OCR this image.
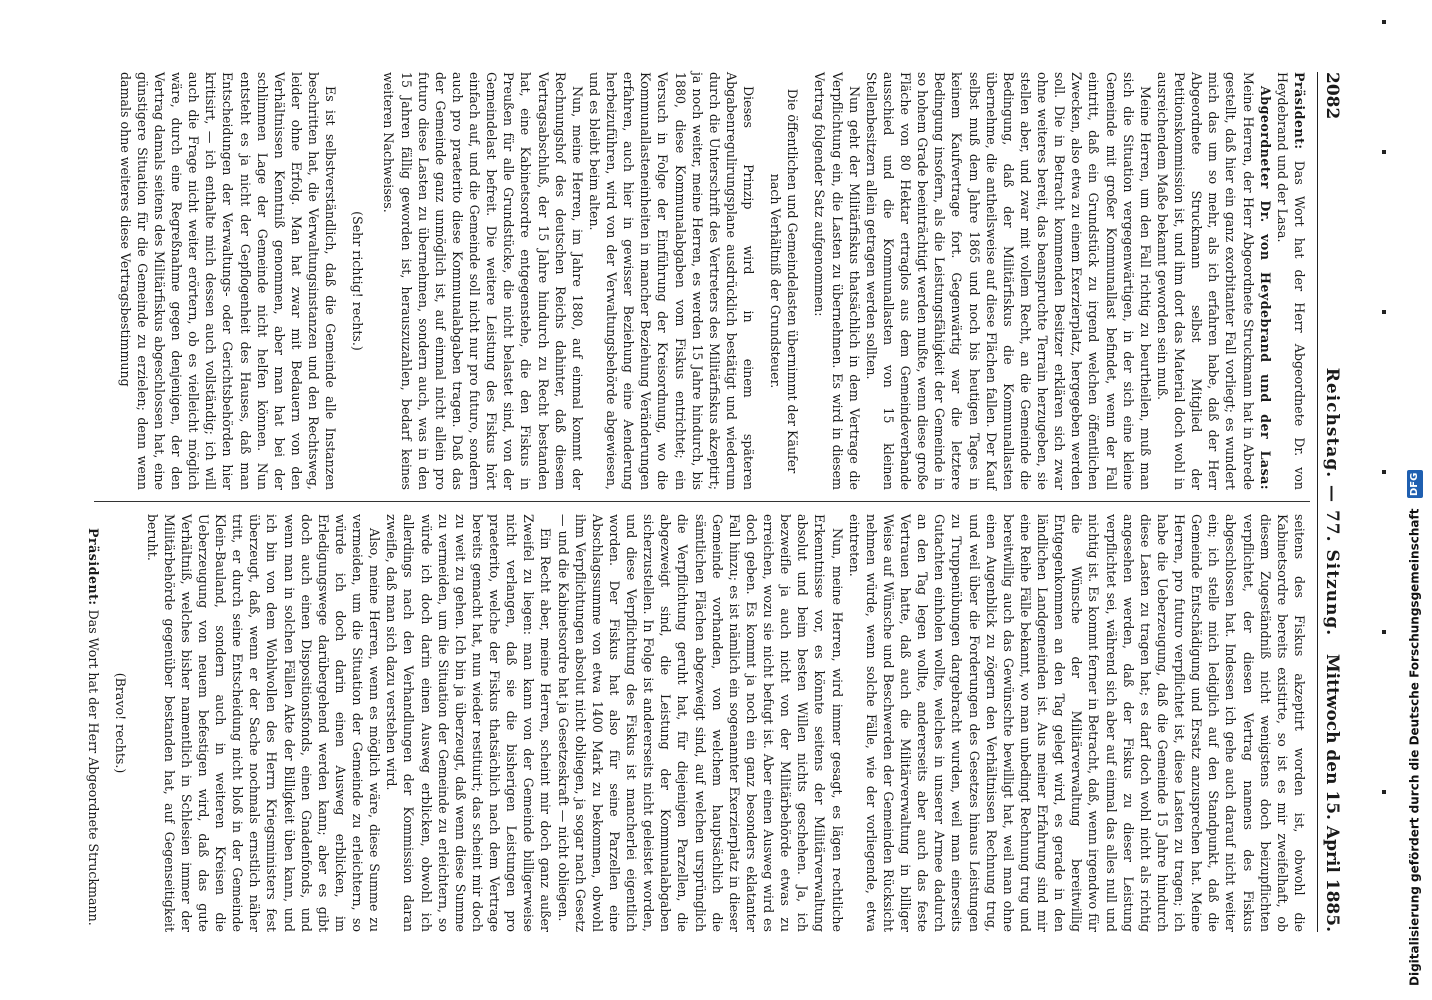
2082
Reichstag. — 77. Sitzung.
Mittwoch den 15. April 1885.

Präsident: Das Wort hat der Herr Abgeordnete Dr. von Heydebrand und der Lasa.

Abgeordneter Dr. von Heydebrand und der Lasa: Meine Herren, der Herr Abgeordnete Struckmann hat in Abrede gestellt, daß hier ein ganz exorbitanter Fall vorliegt; es wundert mich das um so mehr, als ich erfahren habe, daß der Herr Abgeordnete Struckmann selbst Mitglied der Petitionskommission ist, und ihm dort das Material doch wohl in ausreichendem Maße bekannt geworden sein muß.

Meine Herren, um den Fall richtig zu beurtheilen, muß man sich die Situation vergegenwärtigen, in der sich eine kleine Gemeinde mit großer Kommunallast befindet, wenn der Fall eintritt, daß ein Grundstück zu irgend welchen öffentlichen Zwecken, also etwa zu einem Exerzierplatz, hergegeben werden soll. Die in Betracht kommenden Besitzer erklären sich zwar ohne weiteres bereit, das beanspruchte Terrain herzugeben, sie stellen aber, und zwar mit vollem Recht, an die Gemeinde die Bedingung, daß der Militärfiskus die Kommunallasten übernehme, die antheilsweise auf diese Flächen fallen. Der Kauf selbst muß dem Jahre 1865 und noch bis heutigen Tages in keinem Kaufvertrage fort. Gegenwärtig war die letztere Bedingung insofern, als die Leistungsfähigkeit der Gemeinde in so hohem Grade beeinträchtigt werden mußte, wenn diese große Fläche von 80 Hektar ertraglos aus dem Gemeindeverbande ausschied und die Kommunallasten von 15 kleinen Stellenbesitzern allein getragen werden sollten.

Nun geht der Militärfiskus thatsächlich in dem Vertrage die Verpflichtung ein, die Lasten zu übernehmen. Es wird in diesem Vertrag folgender Satz aufgenommen:

Die öffentlichen und Gemeindelasten übernimmt der Käufer nach Verhältniß der Grundsteuer.

Dieses Prinzip wird in einem späteren Abgabenregulirungsplane ausdrücklich bestätigt und wiederum durch die Unterschrift des Vertreters des Militärfiskus akzeptirt; ja noch weiter, meine Herren, es werden 15 Jahre hindurch, bis 1880, diese Kommunalabgaben vom Fiskus entrichtet; ein Versuch in Folge der Einführung der Kreisordnung, wo die Kommunallasteneinheiten in mancher Beziehung Veränderungen erfahren, auch hier in gewisser Beziehung eine Aenderung herbeizuführen, wird von der Verwaltungsbehörde abgewiesen, und es bleibt beim alten.

Nun, meine Herren, im Jahre 1880, auf einmal kommt der Rechnungshof des deutschen Reichs dahinter, daß diesem Vertragsabschluß, der 15 Jahre hindurch zu Recht bestanden hat, eine Kabinetsordre entgegenstehe, die den Fiskus in Preußen für alle Grundstücke, die nicht belastet sind, von der Gemeindelast befreit. Die weitere Leistung des Fiskus hört einfach auf, und die Gemeinde soll nicht nur pro futuro, sondern auch pro praeterito diese Kommunalabgaben tragen. Daß das der Gemeinde ganz unmöglich ist, auf einmal nicht allein pro futuro diese Lasten zu übernehmen, sondern auch, was in den 15 Jahren fällig geworden ist, herauszuzahlen, bedarf keines weiteren Nachweises.

(Sehr richtig! rechts.)

Es ist selbstverständlich, daß die Gemeinde alle Instanzen beschritten hat, die Verwaltungsinstanzen und den Rechtsweg, leider ohne Erfolg. Man hat zwar mit Bedauern von den Verhältnissen Kenntniß genommen, aber man hat bei der schlimmen Lage der Gemeinde nicht helfen können. Nun entsteht es ja nicht der Gepflogenheit des Hauses, daß man Entscheidungen der Verwaltungs- oder Gerichtsbehörden hier kritisirt, — ich enthalte mich dessen auch vollständig; ich will auch die Frage nicht weiter erörtern, ob es vielleicht möglich wäre, durch eine Regreßnahme gegen denjenigen, der den Vertrag damals seitens des Militärfiskus abgeschlossen hat, eine günstigere Situation für die Gemeinde zu erzielen; denn wenn damals ohne weiteres diese Vertragsbestimmung

seitens des Fiskus akzeptirt worden ist, obwohl die Kabinetsordre bereits existirte, so ist es mir zweifelhaft, ob diesem Zugeständniß nicht wenigstens doch beizupflichten verpflichtet, der diesen Vertrag namens des Fiskus abgeschlossen hat. Indessen ich gehe auch darauf nicht weiter ein; ich stelle mich lediglich auf den Standpunkt, daß die Gemeinde Entschädigung und Ersatz anzusprechen hat. Meine Herren, pro futuro verpflichtet ist, diese Lasten zu tragen; ich habe die Ueberzeugung, daß die Gemeinde 15 Jahre hindurch diese Lasten zu tragen hat; es darf doch wohl nicht als richtig angesehen werden, daß der Fiskus zu dieser Leistung verpflichtet sei, während sich aber auf einmal das alles null und nichtig ist. Es kommt ferner in Betracht, daß, wenn irgendwo für die Wünsche der Militärverwaltung bereitwillig Entgegenkommen an den Tag gelegt wird, es gerade in den ländlichen Landgemeinden ist. Aus meiner Erfahrung sind mir eine Reihe Fälle bekannt, wo man unbedingt Rechnung trug und bereitwillig auch das Gewünschte bewilligt hat, weil man ohne einen Augenblick zu zögern den Verhältnissen Rechnung trug, und weil über die Forderungen des Gesetzes hinaus Leistungen zu Truppenübungen dargebracht wurden, weil man einerseits Gutachten einholen wollte, welches in unserer Armee dadurch an den Tag legen wollte, andererseits aber auch das feste Vertrauen hatte, daß auch die Militärverwaltung in billiger Weise auf Wünsche und Beschwerden der Gemeinden Rücksicht nehmen würde, wenn solche Fälle, wie der vorliegende, etwa eintreten.

Nun, meine Herren, wird immer gesagt, es lägen rechtliche Erkenntnisse vor, es könnte seitens der Militärverwaltung absolut und beim besten Willen nichts geschehen. Ja, ich bezweifle ja auch nicht von der Militärbehörde etwas zu erreichen, wozu sie nicht befugt ist. Aber einen Ausweg wird es doch geben. Es kommt ja noch ein ganz besonders eklatanter Fall hinzu; es ist nämlich ein sogenannter Exerzierplatz in dieser Gemeinde vorhanden, von welchem hauptsächlich die sämtlichen Flächen abgezweigt sind, auf welchen ursprünglich die Verpflichtung geruht hat, für diejenigen Parzellen, die abgezweigt sind, die Leistung der Kommunalabgaben sicherzustellen. In Folge ist andererseits nicht geleistet worden, und diese Verpflichtung des Fiskus ist mancherlei eigentlich worden. Der Fiskus hat also für seine Parzellen eine Abschlagssumme von etwa 1400 Mark zu bekommen, obwohl ihm Verpflichtungen absolut nicht obliegen, ja sogar nach Gesetz — und die Kabinetsordre hat ja Gesetzeskraft — nicht obliegen.

Ein Recht aber, meine Herren, scheint mir doch ganz außer Zweifel zu liegen: man kann von der Gemeinde billigerweise nicht verlangen, daß sie die bisherigen Leistungen pro praeterito, welche der Fiskus thatsächlich nach dem Vertrage bereits gemacht hat, nun wieder restituirt; das scheint mir doch zu weit zu gehen. Ich bin ja überzeugt, daß wenn diese Summe zu vermeiden, um die Situation der Gemeinde zu erleichtern, so würde ich doch darin einen Ausweg erblicken, obwohl ich allerdings nach den Verhandlungen der Kommission daran zweifle, daß man sich dazu verstehen wird.

Also, meine Herren, wenn es möglich wäre, diese Summe zu vermeiden, um die Situation der Gemeinde zu erleichtern, so würde ich doch darin einen Ausweg erblicken, im Erledigungswege darübergehend werden kann; aber es gibt doch auch einen Dispositionsfonds, einen Gnadenfonds, und wenn man in solchen Fällen Akte der Billigkeit üben kann, und ich bin von dem Wohlwollen des Herrn Kriegsministers fest überzeugt, daß, wenn er der Sache nochmals ernstlich näher tritt, er durch seine Entscheidung nicht bloß in der Gemeinde Klein-Bauland, sondern auch in weiteren Kreisen die Ueberzeugung von neuem befestigen wird, daß das gute Verhältniß, welches bisher namentlich in Schlesien immer der Militärbehörde gegenüber bestanden hat, auf Gegenseitigkeit beruht.

(Bravo! rechts.)

Präsident: Das Wort hat der Herr Abgeordnete Struckmann.	Digitalisierung gefördert durch die Deutsche Forschungsgemeinschaft DFG
